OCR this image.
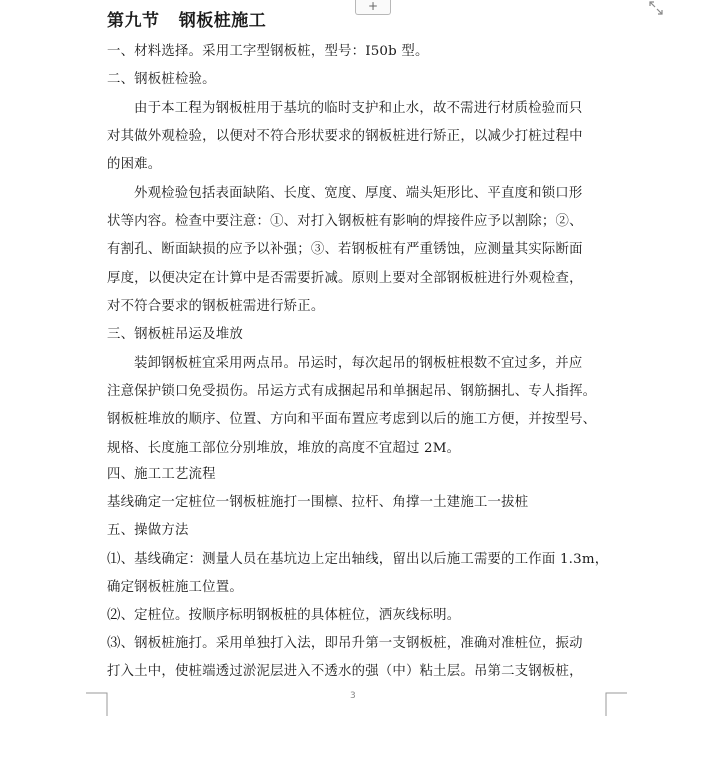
+
第九节   钢板桩施工
一、材料选择。采用工字型钢板桩，型号：I50b 型。
二、钢板桩检验。
由于本工程为钢板桩用于基坑的临时支护和止水，故不需进行材质检验而只
对其做外观检验，以便对不符合形状要求的钢板桩进行矫正，以减少打桩过程中
的困难。
外观检验包括表面缺陷、长度、宽度、厚度、端头矩形比、平直度和锁口形
状等内容。检查中要注意：①、对打入钢板桩有影响的焊接件应予以割除；②、
有割孔、断面缺损的应予以补强；③、若钢板桩有严重锈蚀，应测量其实际断面
厚度，以便决定在计算中是否需要折减。原则上要对全部钢板桩进行外观检查，
对不符合要求的钢板桩需进行矫正。
三、钢板桩吊运及堆放
装卸钢板桩宜采用两点吊。吊运时，每次起吊的钢板桩根数不宜过多，并应
注意保护锁口免受损伤。吊运方式有成捆起吊和单捆起吊、钢筋捆扎、专人指挥。
钢板桩堆放的顺序、位置、方向和平面布置应考虑到以后的施工方便，并按型号、
规格、长度施工部位分别堆放，堆放的高度不宜超过 2M。
四、施工工艺流程
基线确定一定桩位一钢板桩施打一围檩、拉杆、角撑一土建施工一拔桩
五、操做方法
⑴、基线确定：测量人员在基坑边上定出轴线，留出以后施工需要的工作面 1.3m，
确定钢板桩施工位置。
⑵、定桩位。按顺序标明钢板桩的具体桩位，洒灰线标明。
⑶、钢板桩施打。采用单独打入法，即吊升第一支钢板桩，准确对准桩位，振动
打入土中，使桩端透过淤泥层进入不透水的强（中）粘土层。吊第二支钢板桩，
3
